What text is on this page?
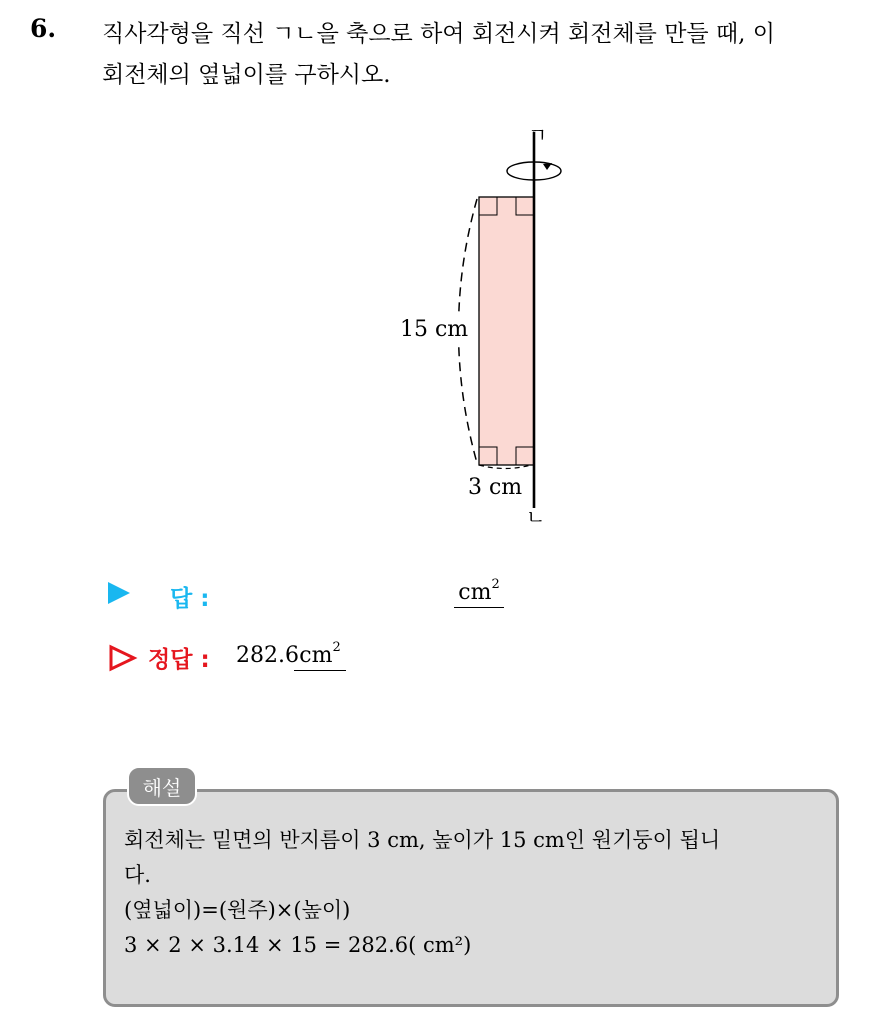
6. 직사각형을 직선 ㄱㄴ을 축으로 하여 회전시켜 회전체를 만들 때, 이
회전체의 옆넓이를 구하시오.
ㄱ
15 cm
3 cm
ㄴ
답 :	$cm^2$
정답 : 282.6 $cm^2$
해설
회전체는 밑면의 반지름이 3 cm, 높이가 15 cm인 원기둥이 됩니
다.
(옆넓이)=(원주)×(높이)
3 × 2 × 3.14 × 15 = 282.6( cm²)
